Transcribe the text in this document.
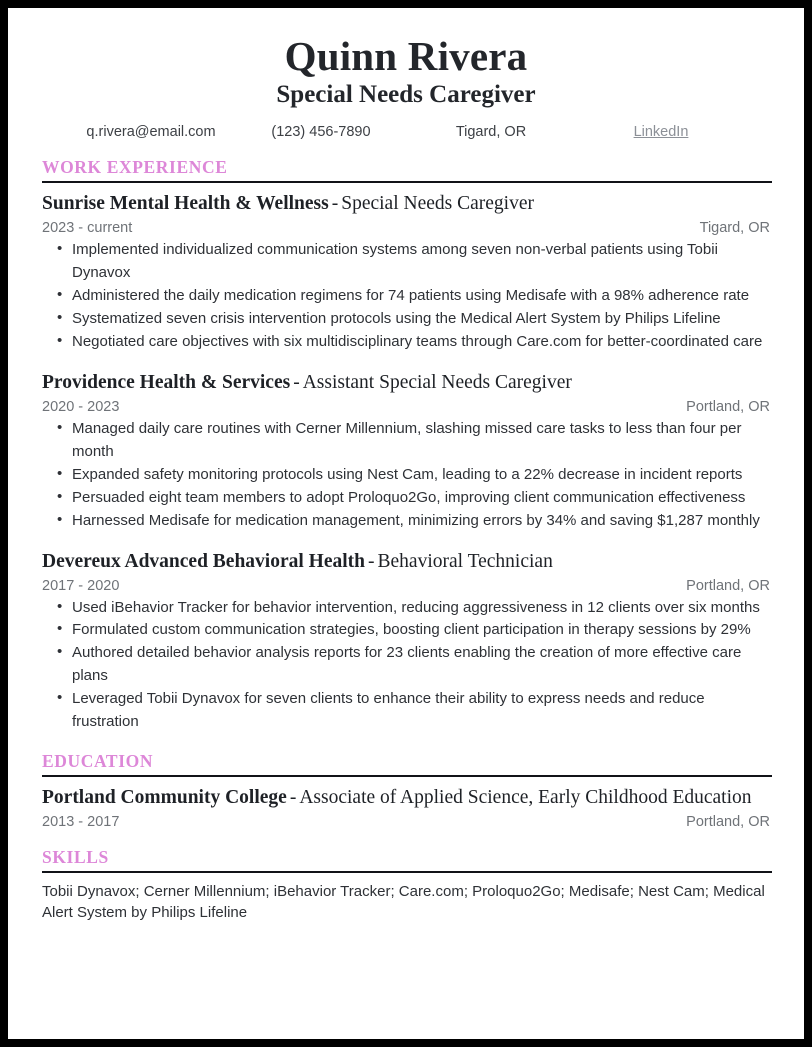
Quinn Rivera
Special Needs Caregiver
q.rivera@email.com	(123) 456-7890	Tigard, OR	LinkedIn
WORK EXPERIENCE
Sunrise Mental Health & Wellness - Special Needs Caregiver
2023 - current	Tigard, OR
• Implemented individualized communication systems among seven non-verbal patients using Tobii Dynavox
• Administered the daily medication regimens for 74 patients using Medisafe with a 98% adherence rate
• Systematized seven crisis intervention protocols using the Medical Alert System by Philips Lifeline
• Negotiated care objectives with six multidisciplinary teams through Care.com for better-coordinated care
Providence Health & Services - Assistant Special Needs Caregiver
2020 - 2023	Portland, OR
• Managed daily care routines with Cerner Millennium, slashing missed care tasks to less than four per month
• Expanded safety monitoring protocols using Nest Cam, leading to a 22% decrease in incident reports
• Persuaded eight team members to adopt Proloquo2Go, improving client communication effectiveness
• Harnessed Medisafe for medication management, minimizing errors by 34% and saving $1,287 monthly
Devereux Advanced Behavioral Health - Behavioral Technician
2017 - 2020	Portland, OR
• Used iBehavior Tracker for behavior intervention, reducing aggressiveness in 12 clients over six months
• Formulated custom communication strategies, boosting client participation in therapy sessions by 29%
• Authored detailed behavior analysis reports for 23 clients enabling the creation of more effective care plans
• Leveraged Tobii Dynavox for seven clients to enhance their ability to express needs and reduce frustration
EDUCATION
Portland Community College - Associate of Applied Science, Early Childhood Education
2013 - 2017	Portland, OR
SKILLS
Tobii Dynavox; Cerner Millennium; iBehavior Tracker; Care.com; Proloquo2Go; Medisafe; Nest Cam; Medical Alert System by Philips Lifeline
